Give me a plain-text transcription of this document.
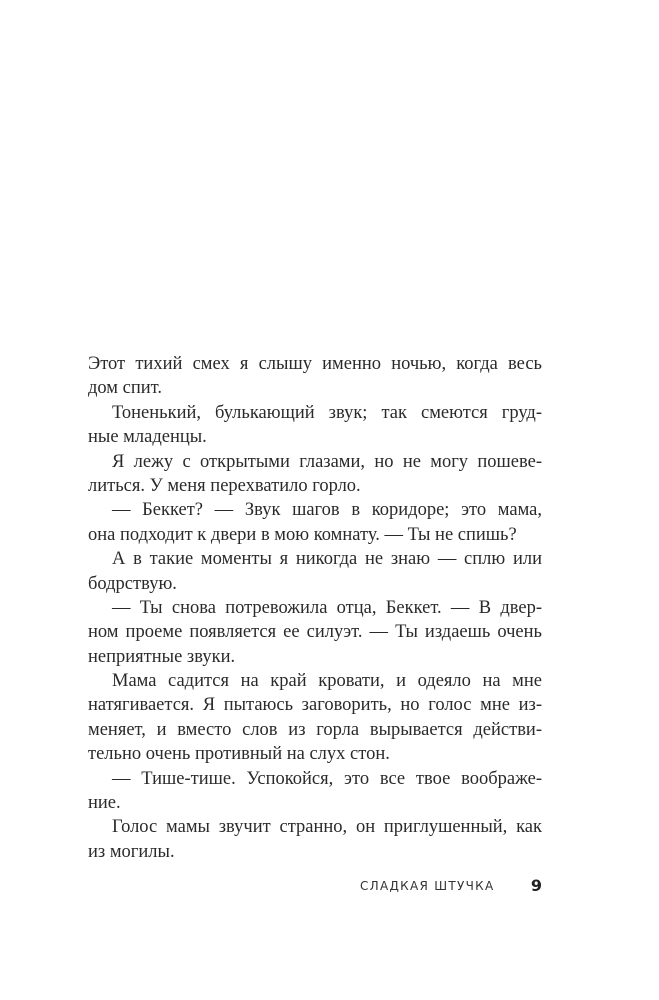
Этот тихий смех я слышу именно ночью, когда весь
дом спит.
Тоненький, булькающий звук; так смеются груд-
ные младенцы.
Я лежу с открытыми глазами, но не могу пошеве-
литься. У меня перехватило горло.
— Беккет? — Звук шагов в коридоре; это мама,
она подходит к двери в мою комнату. — Ты не спишь?
А в такие моменты я никогда не знаю — сплю или
бодрствую.
— Ты снова потревожила отца, Беккет. — В двер-
ном проеме появляется ее силуэт. — Ты издаешь очень
неприятные звуки.
Мама садится на край кровати, и одеяло на мне
натягивается. Я пытаюсь заговорить, но голос мне из-
меняет, и вместо слов из горла вырывается действи-
тельно очень противный на слух стон.
— Тише-тише. Успокойся, это все твое воображе-
ние.
Голос мамы звучит странно, он приглушенный, как
из могилы.
СЛАДКАЯ ШТУЧКА 9
